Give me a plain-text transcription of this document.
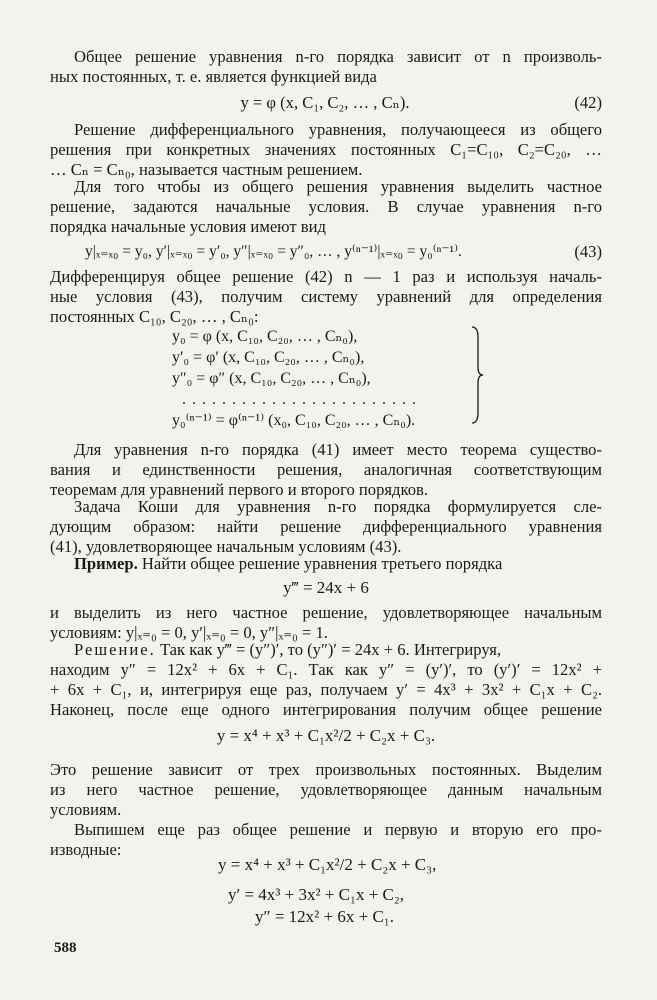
Общее решение уравнения n-го порядка зависит от n произволь-
ных постоянных, т. е. является функцией вида
y = φ (x, C₁, C₂, … , Cₙ).	(42)
Решение дифференциального уравнения, получающееся из общего
решения при конкретных значениях постоянных C₁=C₁₀, C₂=C₂₀, …
… Cₙ = Cₙ₀, называется частным решением.
Для того чтобы из общего решения уравнения выделить частное
решение, задаются начальные условия. В случае уравнения n-го
порядка начальные условия имеют вид
y|ₓ₌ₓ₀ = y₀, y′|ₓ₌ₓ₀ = y′₀, y″|ₓ₌ₓ₀ = y″₀, … , y⁽ⁿ⁻¹⁾|ₓ₌ₓ₀ = y₀⁽ⁿ⁻¹⁾.	(43)
Дифференцируя общее решение (42) n — 1 раз и используя началь-
ные условия (43), получим систему уравнений для определения
постоянных C₁₀, C₂₀, … , Cₙ₀:
y₀ = φ (x, C₁₀, C₂₀, … , Cₙ₀),
y′₀ = φ′ (x, C₁₀, C₂₀, … , Cₙ₀),
y″₀ = φ″ (x, C₁₀, C₂₀, … , Cₙ₀),
. . . . . . . . . . . . . . . . . . . . . . . .
y₀⁽ⁿ⁻¹⁾ = φ⁽ⁿ⁻¹⁾ (x₀, C₁₀, C₂₀, … , Cₙ₀).
Для уравнения n-го порядка (41) имеет место теорема существо-
вания и единственности решения, аналогичная соответствующим
теоремам для уравнений первого и второго порядков.
Задача Коши для уравнения n-го порядка формулируется сле-
дующим образом: найти решение дифференциального уравнения
(41), удовлетворяющее начальным условиям (43).
Пример. Найти общее решение уравнения третьего порядка
y‴ = 24x + 6
и выделить из него частное решение, удовлетворяющее начальным
условиям: y|ₓ₌₀ = 0, y′|ₓ₌₀ = 0, y″|ₓ₌₀ = 1.
Решение. Так как y‴ = (y″)′, то (y″)′ = 24x + 6. Интегрируя,
находим y″ = 12x² + 6x + C₁. Так как y″ = (y′)′, то (y′)′ = 12x² +
+ 6x + C₁, и, интегрируя еще раз, получаем y′ = 4x³ + 3x² + C₁x + C₂.
Наконец, после еще одного интегрирования получим общее решение
y = x⁴ + x³ + C₁x²/2 + C₂x + C₃.
Это решение зависит от трех произвольных постоянных. Выделим
из него частное решение, удовлетворяющее данным начальным
условиям.
Выпишем еще раз общее решение и первую и вторую его про-
изводные:
y = x⁴ + x³ + C₁x²/2 + C₂x + C₃,
y′ = 4x³ + 3x² + C₁x + C₂,
y″ = 12x² + 6x + C₁.
588
